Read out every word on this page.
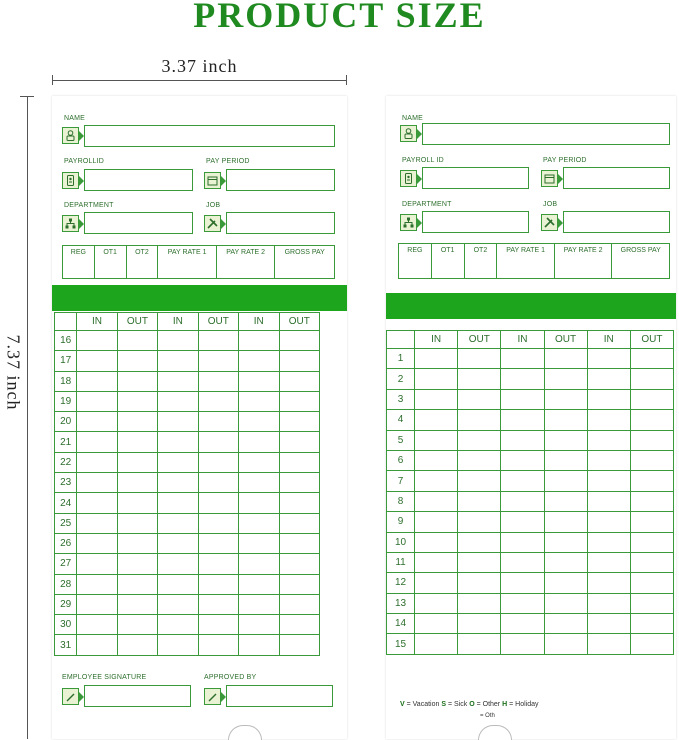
PRODUCT SIZE
3.37 inch
7.37 inch
NAME
PAYROLLID	PAY PERIOD
DEPARTMENT	JOB
REG	OT1	OT2	PAY RATE 1	PAY RATE 2	GROSS PAY
	IN	OUT	IN	OUT	IN	OUT
16						
17						
18						
19						
20						
21						
22						
23						
24						
25						
26						
27						
28						
29						
30						
31						
EMPLOYEE SIGNATURE	APPROVED BY
NAME
PAYROLL ID	PAY PERIOD
DEPARTMENT	JOB
REG	OT1	OT2	PAY RATE 1	PAY RATE 2	GROSS PAY
	IN	OUT	IN	OUT	IN	OUT
1						
2						
3						
4						
5						
6						
7						
8						
9						
10						
11						
12						
13						
14						
15						
V = Vacation S = Sick O = Other H = Holiday
= Oth
